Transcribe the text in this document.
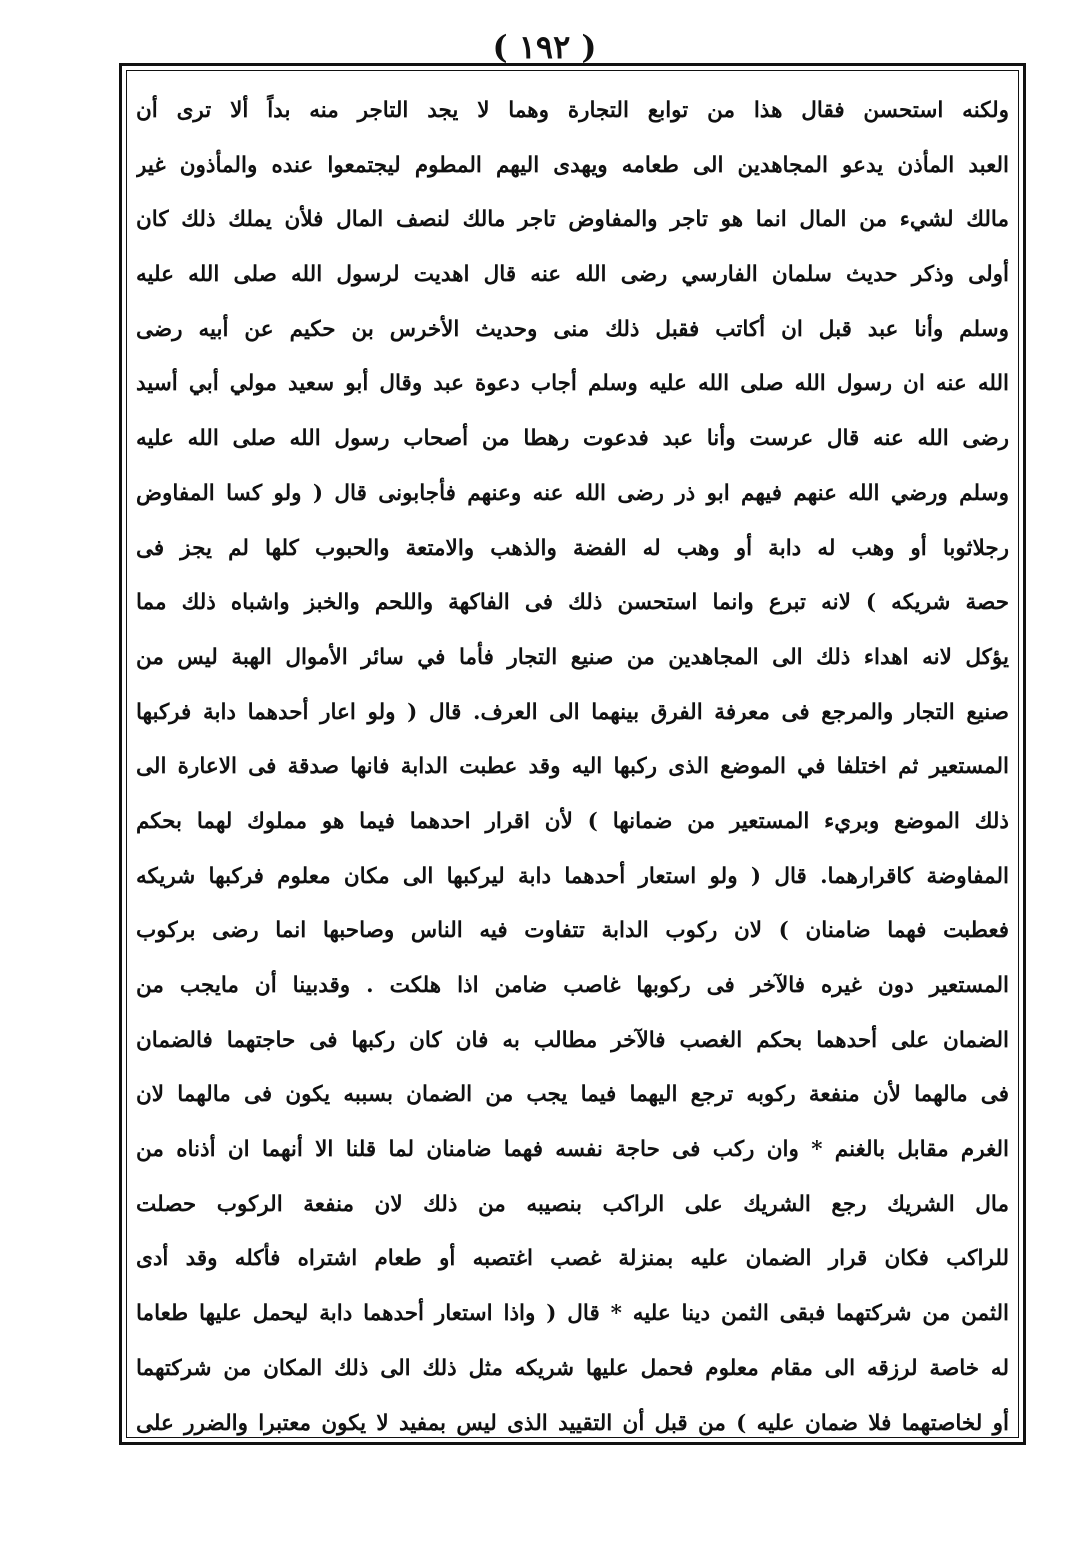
( ١٩٢ )
ولكنه استحسن فقال هذا من توابع التجارة وهما لا يجد التاجر منه بداً ألا ترى أن
العبد المأذن يدعو المجاهدين الى طعامه ويهدى اليهم المطوم ليجتمعوا عنده والمأذون غير
مالك لشيء من المال انما هو تاجر والمفاوض تاجر مالك لنصف المال فلأن يملك ذلك كان
أولى وذكر حديث سلمان الفارسي رضى الله عنه قال اهديت لرسول الله صلى الله عليه
وسلم وأنا عبد قبل ان أكاتب فقبل ذلك منى وحديث الأخرس بن حكيم عن أبيه رضى
الله عنه ان رسول الله صلى الله عليه وسلم أجاب دعوة عبد وقال أبو سعيد مولي أبي أسيد
رضى الله عنه قال عرست وأنا عبد فدعوت رهطا من أصحاب رسول الله صلى الله عليه
وسلم ورضي الله عنهم فيهم ابو ذر رضى الله عنه وعنهم فأجابونى قال ( ولو كسا المفاوض
رجلاثوبا أو وهب له دابة أو وهب له الفضة والذهب والامتعة والحبوب كلها لم يجز فى
حصة شريكه ) لانه تبرع وانما استحسن ذلك فى الفاكهة واللحم والخبز واشباه ذلك مما
يؤكل لانه اهداء ذلك الى المجاهدين من صنيع التجار فأما في سائر الأموال الهبة ليس من
صنيع التجار والمرجع فى معرفة الفرق بينهما الى العرف. قال ( ولو اعار أحدهما دابة فركبها
المستعير ثم اختلفا في الموضع الذى ركبها اليه وقد عطبت الدابة فانها صدقة فى الاعارة الى
ذلك الموضع وبريء المستعير من ضمانها ) لأن اقرار احدهما فيما هو مملوك لهما بحكم
المفاوضة كاقرارهما. قال ( ولو استعار أحدهما دابة ليركبها الى مكان معلوم فركبها شريكه
فعطبت فهما ضامنان ) لان ركوب الدابة تتفاوت فيه الناس وصاحبها انما رضى بركوب
المستعير دون غيره فالآخر فى ركوبها غاصب ضامن اذا هلكت . وقدبينا أن مايجب من
الضمان على أحدهما بحكم الغصب فالآخر مطالب به فان كان ركبها فى حاجتهما فالضمان
فى مالهما لأن منفعة ركوبه ترجع اليهما فيما يجب من الضمان بسببه يكون فى مالهما لان
الغرم مقابل بالغنم * وان ركب فى حاجة نفسه فهما ضامنان لما قلنا الا أنهما ان أذناه من
مال الشريك رجع الشريك على الراكب بنصيبه من ذلك لان منفعة الركوب حصلت
للراكب فكان قرار الضمان عليه بمنزلة غصب اغتصبه أو طعام اشتراه فأكله وقد أدى
الثمن من شركتهما فبقى الثمن دينا عليه * قال ( واذا استعار أحدهما دابة ليحمل عليها طعاما
له خاصة لرزقه الى مقام معلوم فحمل عليها شريكه مثل ذلك الى ذلك المكان من شركتهما
أو لخاصتهما فلا ضمان عليه ) من قبل أن التقييد الذى ليس بمفيد لا يكون معتبرا والضرر على
